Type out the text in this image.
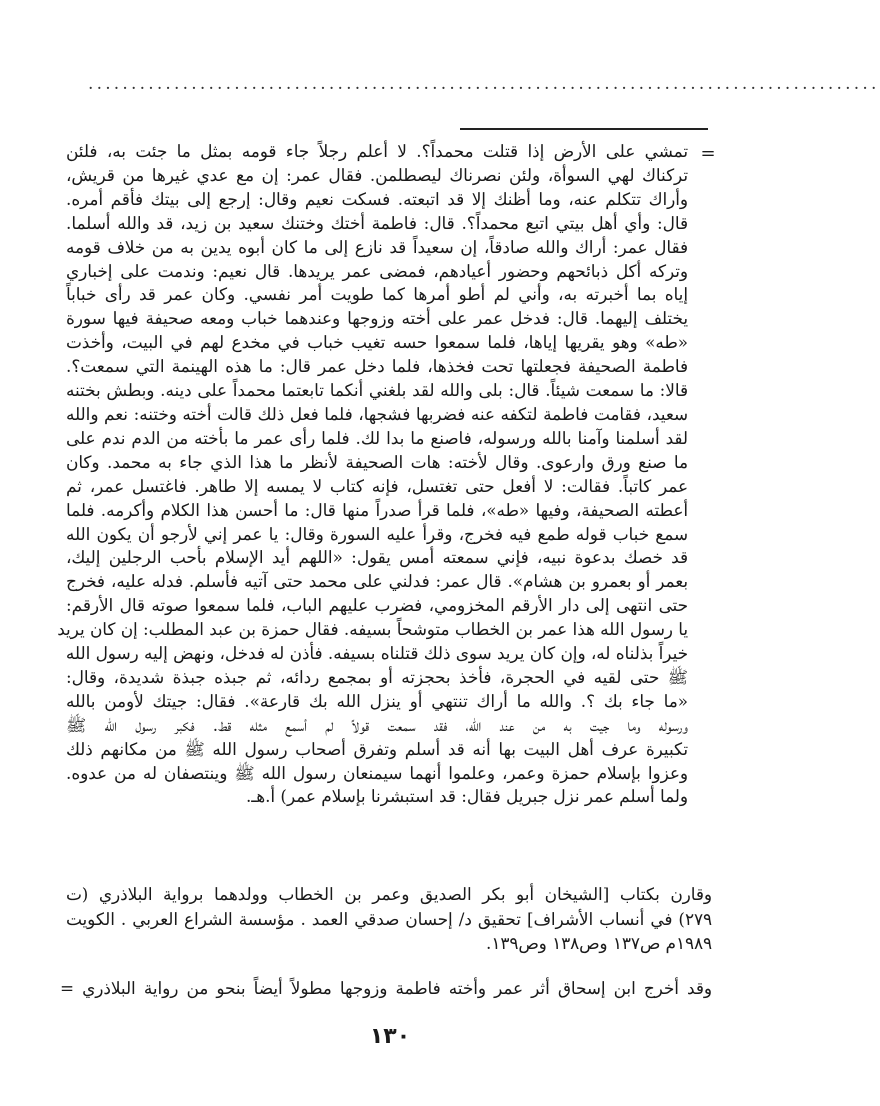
............................................................................................
=
تمشي على الأرض إذا قتلت محمداً؟. لا أعلم رجلاً جاء قومه بمثل ما جئت به، فلئن
تركناك لهي السوأة، ولئن نصرناك ليصطلمن. فقال عمر: إن مع عدي غيرها من قريش،
وأراك تتكلم عنه، وما أظنك إلا قد اتبعته. فسكت نعيم وقال: إرجع إلى بيتك فأقم أمره.
قال: وأي أهل بيتي اتبع محمداً؟. قال: فاطمة أختك وختنك سعيد بن زيد، قد والله أسلما.
فقال عمر: أراك والله صادقاً، إن سعيداً قد نازع إلى ما كان أبوه يدين به من خلاف قومه
وتركه أكل ذبائحهم وحضور أعيادهم، فمضى عمر يريدها. قال نعيم: وندمت على إخباري
إياه بما أخبرته به، وأني لم أطو أمرها كما طويت أمر نفسي. وكان عمر قد رأى خباباً
يختلف إليهما. قال: فدخل عمر على أخته وزوجها وعندهما خباب ومعه صحيفة فيها سورة
«طه» وهو يقريها إياها، فلما سمعوا حسه تغيب خباب في مخدع لهم في البيت، وأخذت
فاطمة الصحيفة فجعلتها تحت فخذها، فلما دخل عمر قال: ما هذه الهينمة التي سمعت؟.
قالا: ما سمعت شيئاً. قال: بلى والله لقد بلغني أنكما تابعتما محمداً على دينه. وبطش بختنه
سعيد، فقامت فاطمة لتكفه عنه فضربها فشجها، فلما فعل ذلك قالت أخته وختنه: نعم والله
لقد أسلمنا وآمنا بالله ورسوله، فاصنع ما بدا لك. فلما رأى عمر ما بأخته من الدم ندم على
ما صنع ورق وارعوى. وقال لأخته: هات الصحيفة لأنظر ما هذا الذي جاء به محمد. وكان
عمر كاتباً. فقالت: لا أفعل حتى تغتسل، فإنه كتاب لا يمسه إلا طاهر. فاغتسل عمر، ثم
أعطته الصحيفة، وفيها «طه»، فلما قرأ صدراً منها قال: ما أحسن هذا الكلام وأكرمه. فلما
سمع خباب قوله طمع فيه فخرج، وقرأ عليه السورة وقال: يا عمر إني لأرجو أن يكون الله
قد خصك بدعوة نبيه، فإني سمعته أمس يقول: «اللهم أيد الإسلام بأحب الرجلين إليك،
بعمر أو بعمرو بن هشام». قال عمر: فدلني على محمد حتى آتيه فأسلم. فدله عليه، فخرج
حتى انتهى إلى دار الأرقم المخزومي، فضرب عليهم الباب، فلما سمعوا صوته قال الأرقم:
يا رسول الله هذا عمر بن الخطاب متوشحاً بسيفه. فقال حمزة بن عبد المطلب: إن كان يريد
خيراً بذلناه له، وإن كان يريد سوى ذلك قتلناه بسيفه. فأذن له فدخل، ونهض إليه رسول الله
ﷺ حتى لقيه في الحجرة، فأخذ بحجزته أو بمجمع ردائه، ثم جبذه جبذة شديدة، وقال:
«ما جاء بك ؟. والله ما أراك تنتهي أو ينزل الله بك قارعة». فقال: جيتك لأومن بالله
ورسوله وما جيت به من عند الله، فقد سمعت قولاً لم أسمع مثله قط. فكبر رسول الله ﷺ
تكبيرة عرف أهل البيت بها أنه قد أسلم وتفرق أصحاب رسول الله ﷺ من مكانهم ذلك
وعزوا بإسلام حمزة وعمر، وعلموا أنهما سيمنعان رسول الله ﷺ وينتصفان له من عدوه.
ولما أسلم عمر نزل جبريل فقال: قد استبشرنا بإسلام عمر) أ.هـ.
وقارن بكتاب [الشيخان أبو بكر الصديق وعمر بن الخطاب وولدهما برواية البلاذري (ت
٢٧٩) في أنساب الأشراف] تحقيق د/ إحسان صدقي العمد . مؤسسة الشراع العربي . الكويت
١٩٨٩م ص١٣٧ وص١٣٨ وص١٣٩.
وقد أخرج ابن إسحاق أثر عمر وأخته فاطمة وزوجها مطولاً أيضاً بنحو من رواية البلاذري =
١٣٠
